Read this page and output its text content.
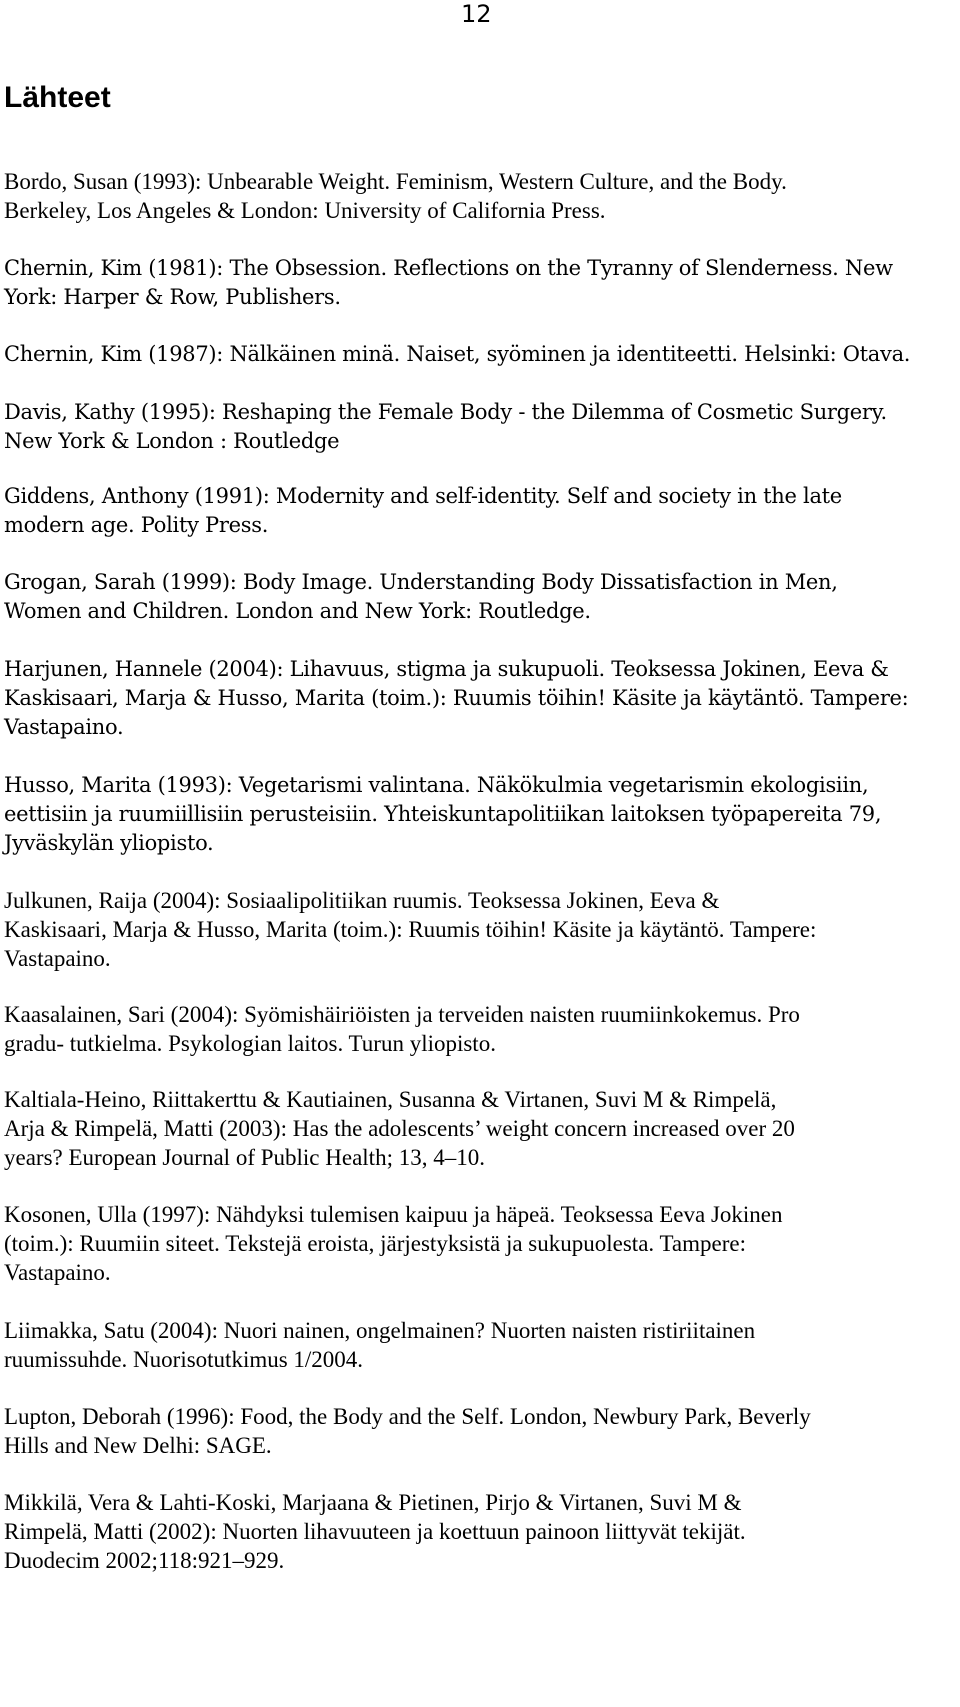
12
Lähteet
Bordo, Susan (1993): Unbearable Weight. Feminism, Western Culture, and the Body.
Berkeley, Los Angeles & London: University of California Press.
Chernin, Kim (1981): The Obsession. Reflections on the Tyranny of Slenderness. New
York: Harper & Row, Publishers.
Chernin, Kim (1987): Nälkäinen minä. Naiset, syöminen ja identiteetti. Helsinki: Otava.
Davis, Kathy (1995): Reshaping the Female Body - the Dilemma of Cosmetic Surgery.
New York & London : Routledge
Giddens, Anthony (1991): Modernity and self-identity. Self and society in the late
modern age. Polity Press.
Grogan, Sarah (1999): Body Image. Understanding Body Dissatisfaction in Men,
Women and Children. London and New York: Routledge.
Harjunen, Hannele (2004): Lihavuus, stigma ja sukupuoli. Teoksessa Jokinen, Eeva &
Kaskisaari, Marja & Husso, Marita (toim.): Ruumis töihin! Käsite ja käytäntö. Tampere:
Vastapaino.
Husso, Marita (1993): Vegetarismi valintana. Näkökulmia vegetarismin ekologisiin,
eettisiin ja ruumiillisiin perusteisiin. Yhteiskuntapolitiikan laitoksen työpapereita 79,
Jyväskylän yliopisto.
Julkunen, Raija (2004): Sosiaalipolitiikan ruumis. Teoksessa Jokinen, Eeva &
Kaskisaari, Marja & Husso, Marita (toim.): Ruumis töihin! Käsite ja käytäntö. Tampere:
Vastapaino.
Kaasalainen, Sari (2004): Syömishäiriöisten ja terveiden naisten ruumiinkokemus. Pro
gradu- tutkielma. Psykologian laitos. Turun yliopisto.
Kaltiala-Heino, Riittakerttu & Kautiainen, Susanna & Virtanen, Suvi M & Rimpelä,
Arja & Rimpelä, Matti (2003): Has the adolescents’ weight concern increased over 20
years? European Journal of Public Health; 13, 4–10.
Kosonen, Ulla (1997): Nähdyksi tulemisen kaipuu ja häpeä. Teoksessa Eeva Jokinen
(toim.): Ruumiin siteet. Tekstejä eroista, järjestyksistä ja sukupuolesta. Tampere:
Vastapaino.
Liimakka, Satu (2004): Nuori nainen, ongelmainen? Nuorten naisten ristiriitainen
ruumissuhde. Nuorisotutkimus 1/2004.
Lupton, Deborah (1996): Food, the Body and the Self. London, Newbury Park, Beverly
Hills and New Delhi: SAGE.
Mikkilä, Vera & Lahti-Koski, Marjaana & Pietinen, Pirjo & Virtanen, Suvi M &
Rimpelä, Matti (2002): Nuorten lihavuuteen ja koettuun painoon liittyvät tekijät.
Duodecim 2002;118:921–929.
